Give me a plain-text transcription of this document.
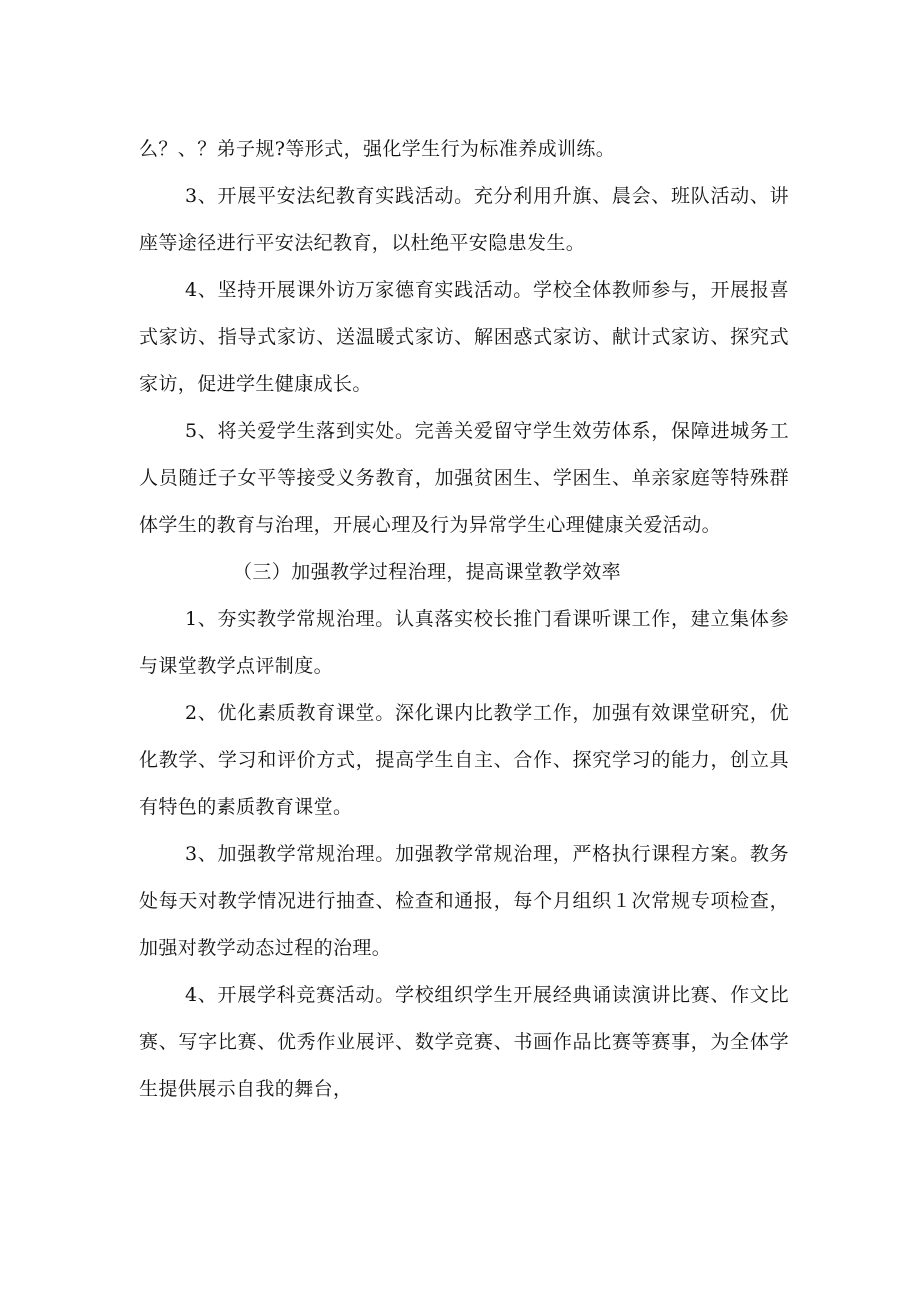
么？、？弟子规?等形式，强化学生行为标准养成训练。

3、开展平安法纪教育实践活动。充分利用升旗、晨会、班队活动、讲座等途径进行平安法纪教育，以杜绝平安隐患发生。

4、坚持开展课外访万家德育实践活动。学校全体教师参与，开展报喜式家访、指导式家访、送温暖式家访、解困惑式家访、献计式家访、探究式家访，促进学生健康成长。

5、将关爱学生落到实处。完善关爱留守学生效劳体系，保障进城务工人员随迁子女平等接受义务教育，加强贫困生、学困生、单亲家庭等特殊群体学生的教育与治理，开展心理及行为异常学生心理健康关爱活动。

（三）加强教学过程治理，提高课堂教学效率

1、夯实教学常规治理。认真落实校长推门看课听课工作，建立集体参与课堂教学点评制度。

2、优化素质教育课堂。深化课内比教学工作，加强有效课堂研究，优化教学、学习和评价方式，提高学生自主、合作、探究学习的能力，创立具有特色的素质教育课堂。

3、加强教学常规治理。加强教学常规治理，严格执行课程方案。教务处每天对教学情况进行抽查、检查和通报，每个月组织１次常规专项检查，加强对教学动态过程的治理。

4、开展学科竞赛活动。学校组织学生开展经典诵读演讲比赛、作文比赛、写字比赛、优秀作业展评、数学竞赛、书画作品比赛等赛事，为全体学生提供展示自我的舞台，
